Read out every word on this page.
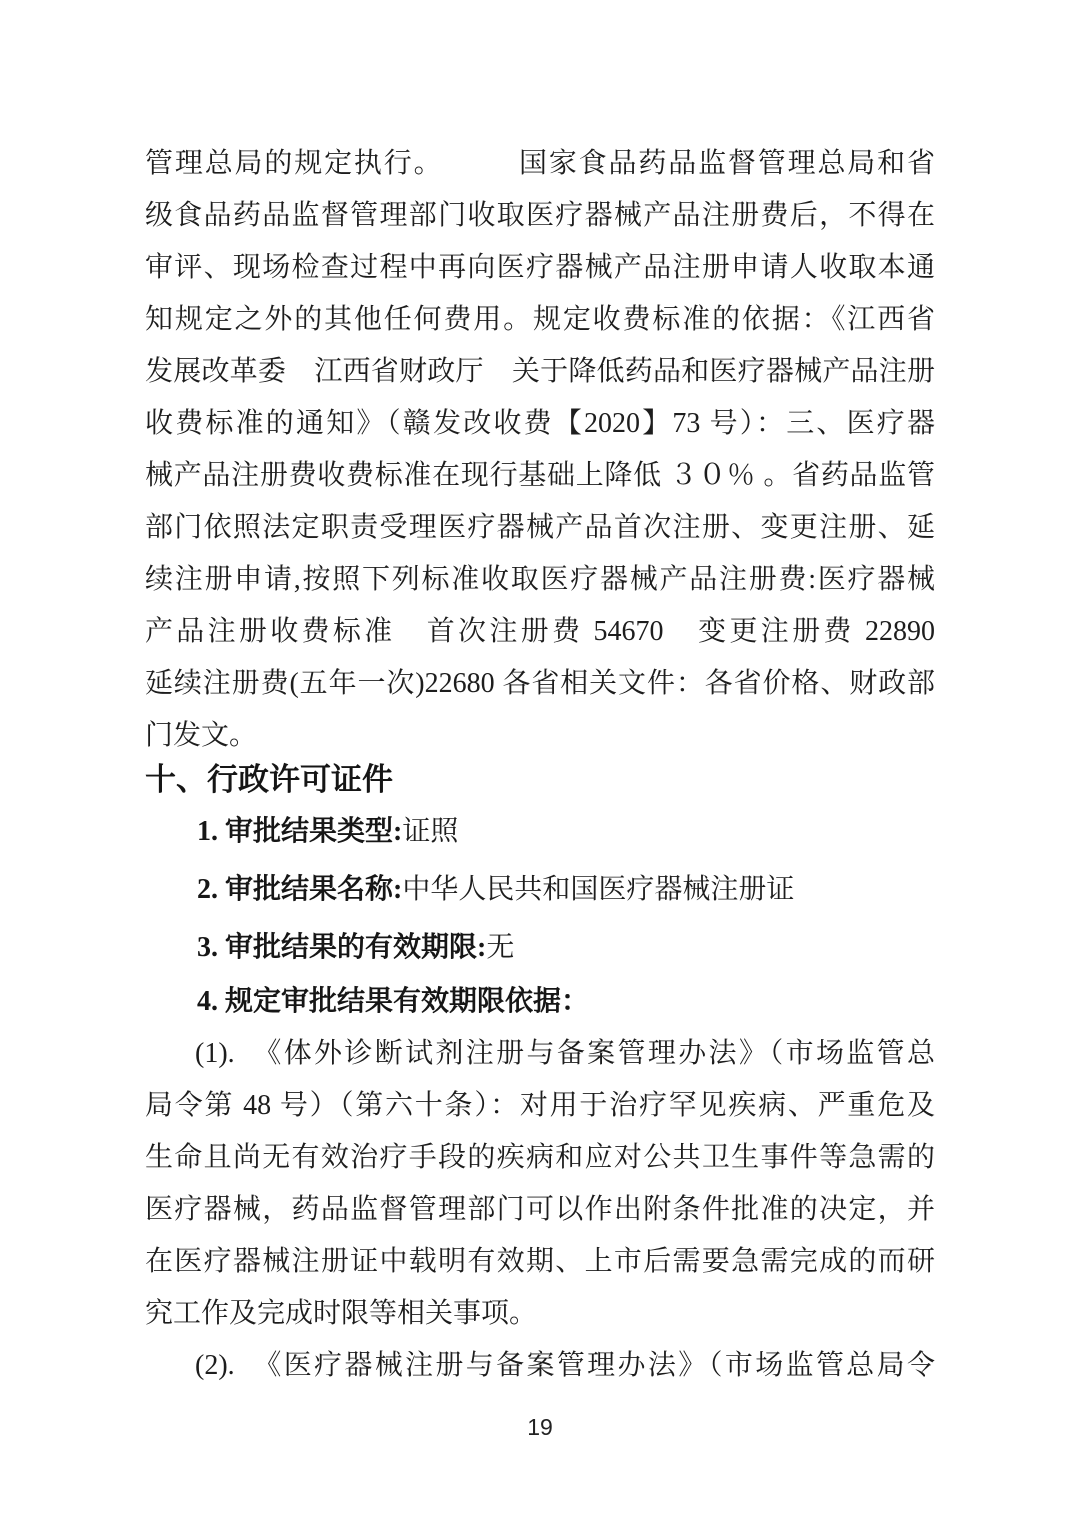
管理总局的规定执行。　　　国家食品药品监督管理总局和省
级食品药品监督管理部门收取医疗器械产品注册费后，不得在
审评、现场检查过程中再向医疗器械产品注册申请人收取本通
知规定之外的其他任何费用。规定收费标准的依据：《江西省
发展改革委　江西省财政厅　关于降低药品和医疗器械产品注册
收费标准的通知》（赣发改收费【2020】73 号）：三、医疗器
械产品注册费收费标准在现行基础上降低 ３０％ 。省药品监管
部门依照法定职责受理医疗器械产品首次注册、变更注册、延
续注册申请,按照下列标准收取医疗器械产品注册费:医疗器械
产品注册收费标准　首次注册费 54670　变更注册费 22890
延续注册费(五年一次)22680 各省相关文件：各省价格、财政部
门发文。
十、行政许可证件
1. 审批结果类型:证照
2. 审批结果名称:中华人民共和国医疗器械注册证
3. 审批结果的有效期限:无
4. 规定审批结果有效期限依据：
(1).　《体外诊断试剂注册与备案管理办法》（市场监管总
局令第 48 号）（第六十条）：对用于治疗罕见疾病、严重危及
生命且尚无有效治疗手段的疾病和应对公共卫生事件等急需的
医疗器械，药品监督管理部门可以作出附条件批准的决定，并
在医疗器械注册证中载明有效期、上市后需要急需完成的而研
究工作及完成时限等相关事项。
(2).　《医疗器械注册与备案管理办法》（市场监管总局令
19
